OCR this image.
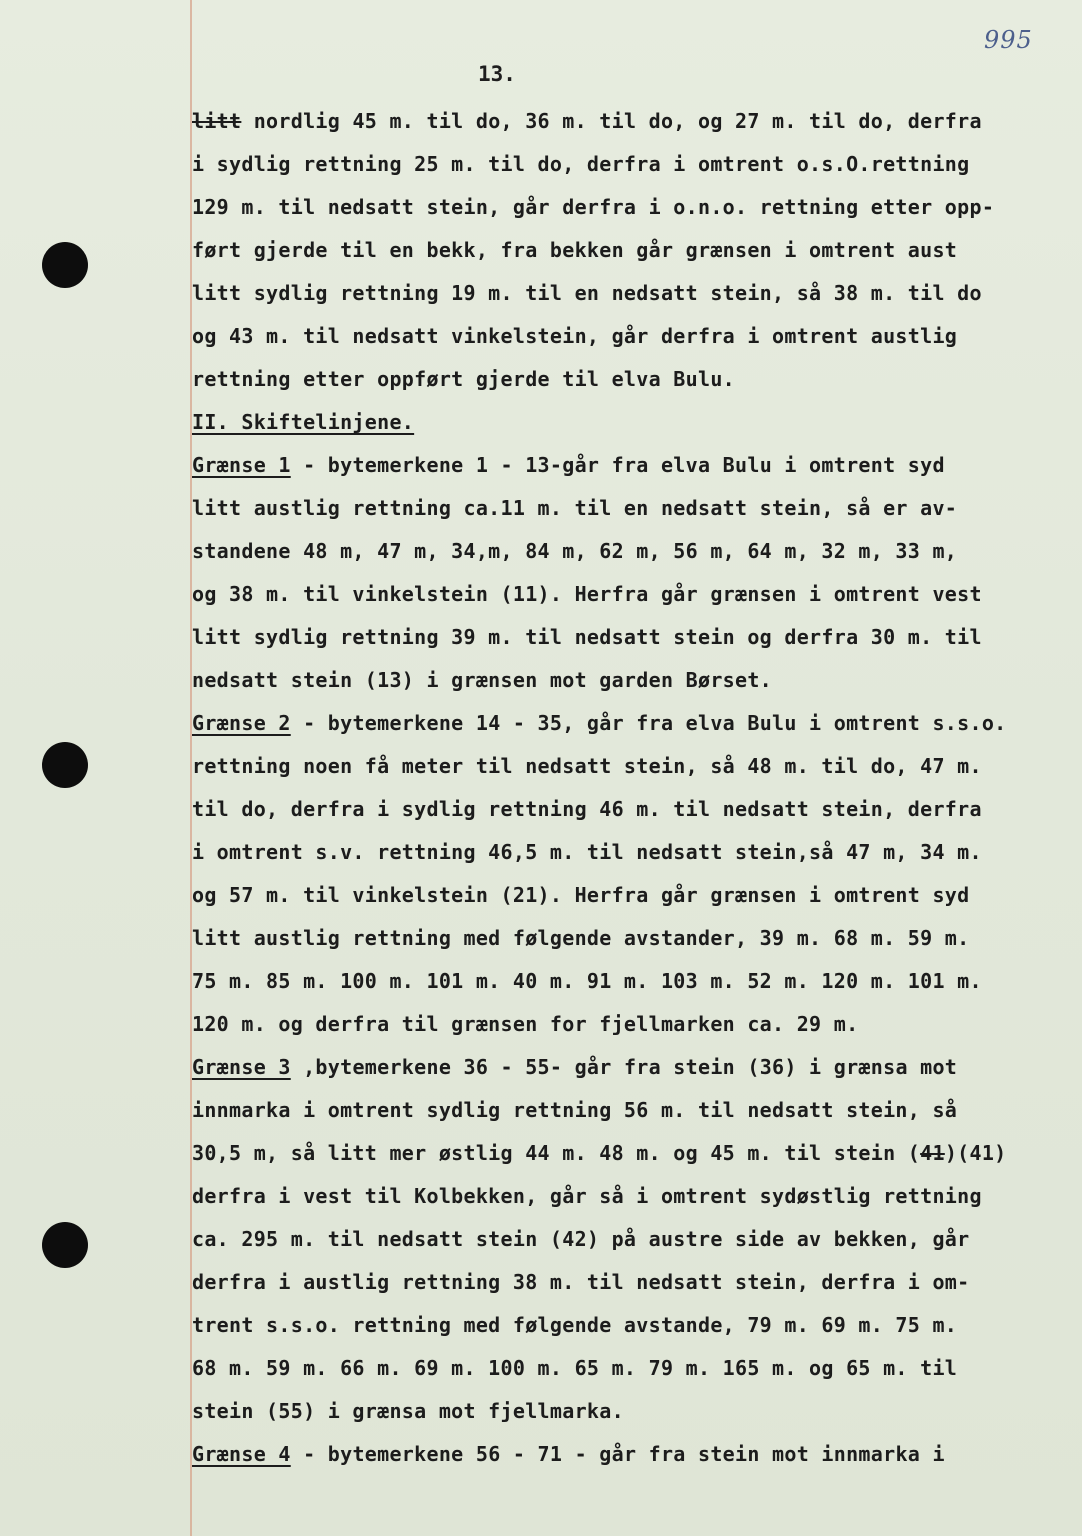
995
13.
litt nordlig 45 m. til do, 36 m. til do, og 27 m. til do, derfra
i sydlig rettning 25 m. til do, derfra i omtrent o.s.O.rettning
129 m. til nedsatt stein, går derfra i o.n.o. rettning etter opp-
ført gjerde til en bekk, fra bekken går grænsen i omtrent aust
litt sydlig rettning 19 m. til en nedsatt stein, så 38 m. til do
og 43 m. til nedsatt vinkelstein, går derfra i omtrent austlig
rettning etter oppført gjerde til elva Bulu.
II. Skiftelinjene.
Grænse 1 - bytemerkene 1 - 13-går fra elva Bulu i omtrent syd
litt austlig rettning ca.11 m. til en nedsatt stein, så er av-
standene 48 m, 47 m, 34,m, 84 m, 62 m, 56 m, 64 m, 32 m, 33 m,
og 38 m. til vinkelstein (11). Herfra går grænsen i omtrent vest
litt sydlig rettning 39 m. til nedsatt stein og derfra 30 m. til
nedsatt stein (13) i grænsen mot garden Børset.
Grænse 2 - bytemerkene 14 - 35, går fra elva Bulu i omtrent s.s.o.
rettning noen få meter til nedsatt stein, så 48 m. til do, 47 m.
til do, derfra i sydlig rettning 46 m. til nedsatt stein, derfra
i omtrent s.v. rettning 46,5 m. til nedsatt stein,så 47 m, 34 m.
og 57 m. til vinkelstein (21). Herfra går grænsen i omtrent syd
litt austlig rettning med følgende avstander, 39 m. 68 m. 59 m.
75 m. 85 m. 100 m. 101 m. 40 m. 91 m. 103 m. 52 m. 120 m. 101 m.
120 m. og derfra til grænsen for fjellmarken ca. 29 m.
Grænse 3 ,bytemerkene 36 - 55- går fra stein (36) i grænsa mot
innmarka i omtrent sydlig rettning 56 m. til nedsatt stein, så
30,5 m, så litt mer østlig 44 m. 48 m. og 45 m. til stein (41)(41)
derfra i vest til Kolbekken, går så i omtrent sydøstlig rettning
ca. 295 m. til nedsatt stein (42) på austre side av bekken, går
derfra i austlig rettning 38 m. til nedsatt stein, derfra i om-
trent s.s.o. rettning med følgende avstande, 79 m. 69 m. 75 m.
68 m. 59 m. 66 m. 69 m. 100 m. 65 m. 79 m. 165 m. og 65 m. til
stein (55) i grænsa mot fjellmarka.
Grænse 4 - bytemerkene 56 - 71 - går fra stein mot innmarka i
